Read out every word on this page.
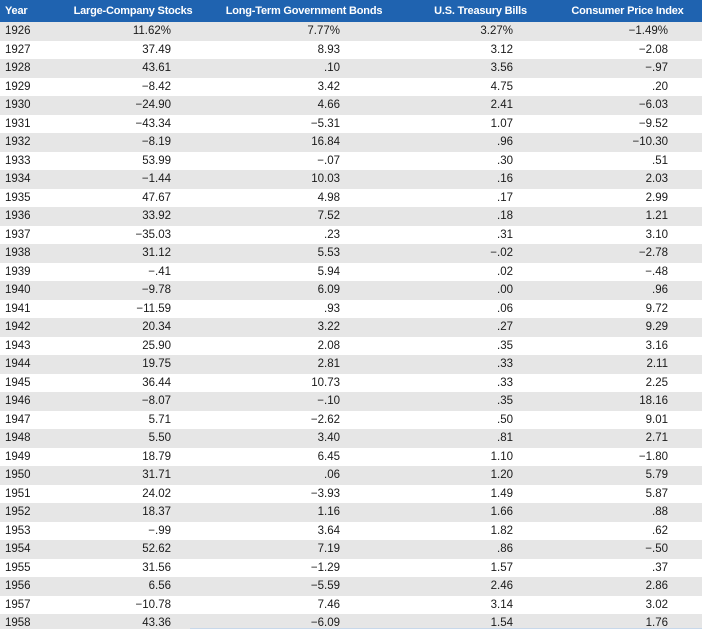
Year	Large-Company Stocks	Long-Term Government Bonds	U.S. Treasury Bills	Consumer Price Index
1926	11.62%	7.77%	3.27%	−1.49%
1927	37.49	8.93	3.12	−2.08
1928	43.61	.10	3.56	−.97
1929	−8.42	3.42	4.75	.20
1930	−24.90	4.66	2.41	−6.03
1931	−43.34	−5.31	1.07	−9.52
1932	−8.19	16.84	.96	−10.30
1933	53.99	−.07	.30	.51
1934	−1.44	10.03	.16	2.03
1935	47.67	4.98	.17	2.99
1936	33.92	7.52	.18	1.21
1937	−35.03	.23	.31	3.10
1938	31.12	5.53	−.02	−2.78
1939	−.41	5.94	.02	−.48
1940	−9.78	6.09	.00	.96
1941	−11.59	.93	.06	9.72
1942	20.34	3.22	.27	9.29
1943	25.90	2.08	.35	3.16
1944	19.75	2.81	.33	2.11
1945	36.44	10.73	.33	2.25
1946	−8.07	−.10	.35	18.16
1947	5.71	−2.62	.50	9.01
1948	5.50	3.40	.81	2.71
1949	18.79	6.45	1.10	−1.80
1950	31.71	.06	1.20	5.79
1951	24.02	−3.93	1.49	5.87
1952	18.37	1.16	1.66	.88
1953	−.99	3.64	1.82	.62
1954	52.62	7.19	.86	−.50
1955	31.56	−1.29	1.57	.37
1956	6.56	−5.59	2.46	2.86
1957	−10.78	7.46	3.14	3.02
1958	43.36	−6.09	1.54	1.76
